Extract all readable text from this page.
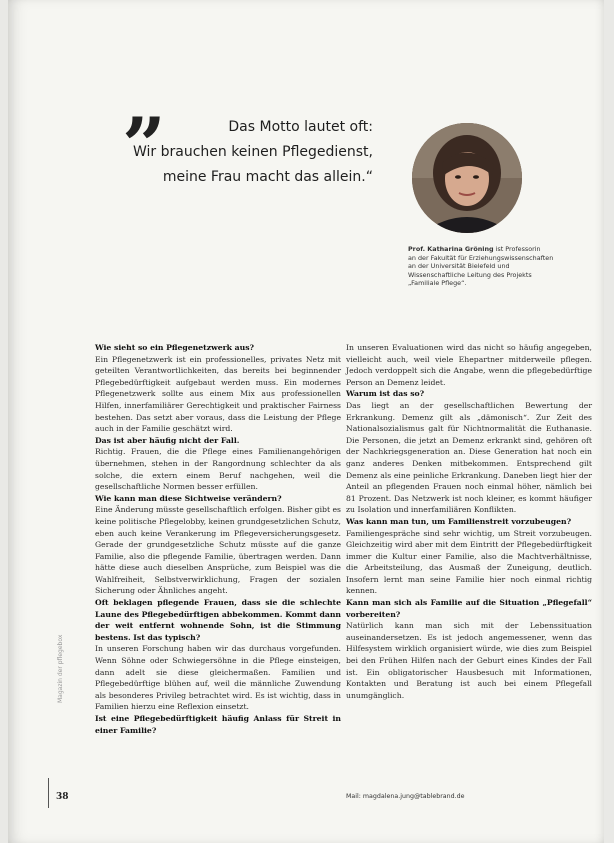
”	Das Motto lautet oft:
Wir brauchen keinen Pflegedienst,
meine Frau macht das allein.“
Prof. Katharina Gröning ist Professorin
an der Fakultät für Erziehungswissenschaften
an der Universität Bielefeld und
Wissenschaftliche Leitung des Projekts
„Familiale Pflege“.

Wie sieht so ein Pflegenetzwerk aus?

Ein Pflegenetzwerk ist ein professionelles, privates Netz mit geteilten Verantwortlichkeiten, das bereits bei beginnender Pflegebedürftigkeit aufgebaut werden muss. Ein modernes Pflegenetzwerk sollte aus einem Mix aus professionellen Hilfen, innerfamiliärer Gerechtigkeit und praktischer Fairness bestehen. Das setzt aber voraus, dass die Leistung der Pflege auch in der Familie geschätzt wird.

Das ist aber häufig nicht der Fall.

Richtig. Frauen, die die Pflege eines Familienangehörigen übernehmen, stehen in der Rangordnung schlechter da als solche, die extern einem Beruf nachgehen, weil die gesellschaftliche Normen besser erfüllen.

Wie kann man diese Sichtweise verändern?

Eine Änderung müsste gesellschaftlich erfolgen. Bisher gibt es keine politische Pflegelobby, keinen grundgesetzlichen Schutz, eben auch keine Verankerung im Pflegeversicherungsgesetz. Gerade der grundgesetzliche Schutz müsste auf die ganze Familie, also die pflegende Familie, übertragen werden. Dann hätte diese auch dieselben Ansprüche, zum Beispiel was die Wahlfreiheit, Selbstverwirklichung, Fragen der sozialen Sicherung oder Ähnliches angeht.

Oft beklagen pflegende Frauen, dass sie die schlechte Laune des Pflegebedürftigen abbekommen. Kommt dann der weit entfernt wohnende Sohn, ist die Stimmung bestens. Ist das typisch?

In unseren Forschung haben wir das durchaus vorgefunden. Wenn Söhne oder Schwiegersöhne in die Pflege einsteigen, dann adelt sie diese gleichermaßen. Familien und Pflegebedürftige blühen auf, weil die männliche Zuwendung als besonderes Privileg betrachtet wird. Es ist wichtig, dass in Familien hierzu eine Reflexion einsetzt.

Ist eine Pflegebedürftigkeit häufig Anlass für Streit in einer Familie?

In unseren Evaluationen wird das nicht so häufig angegeben, vielleicht auch, weil viele Ehepartner mitderweile pflegen. Jedoch verdoppelt sich die Angabe, wenn die pflegebedürftige Person an Demenz leidet.

Warum ist das so?

Das liegt an der gesellschaftlichen Bewertung der Erkrankung. Demenz gilt als „dämonisch“. Zur Zeit des Nationalsozialismus galt für Nichtnormalität die Euthanasie. Die Personen, die jetzt an Demenz erkrankt sind, gehören oft der Nachkriegsgeneration an. Diese Generation hat noch ein ganz anderes Denken mitbekommen. Entsprechend gilt Demenz als eine peinliche Erkrankung. Daneben liegt hier der Anteil an pflegenden Frauen noch einmal höher, nämlich bei 81 Prozent. Das Netzwerk ist noch kleiner, es kommt häufiger zu Isolation und innerfamiliären Konflikten.

Was kann man tun, um Familienstreit vorzubeugen?

Familiengespräche sind sehr wichtig, um Streit vorzubeugen. Gleichzeitig wird aber mit dem Eintritt der Pflegebedürftigkeit immer die Kultur einer Familie, also die Machtverhältnisse, die Arbeitsteilung, das Ausmaß der Zuneigung, deutlich. Insofern lernt man seine Familie hier noch einmal richtig kennen.

Kann man sich als Familie auf die Situation „Pflegefall“ vorbereiten?

Natürlich kann man sich mit der Lebenssituation auseinandersetzen. Es ist jedoch angemessener, wenn das Hilfesystem wirklich organisiert würde, wie dies zum Beispiel bei den Frühen Hilfen nach der Geburt eines Kindes der Fall ist. Ein obligatorischer Hausbesuch mit Informationen, Kontakten und Beratung ist auch bei einem Pflegefall unumgänglich.

Magazin der pflegebox
38	Mail: magdalena.jung@tablebrand.de
